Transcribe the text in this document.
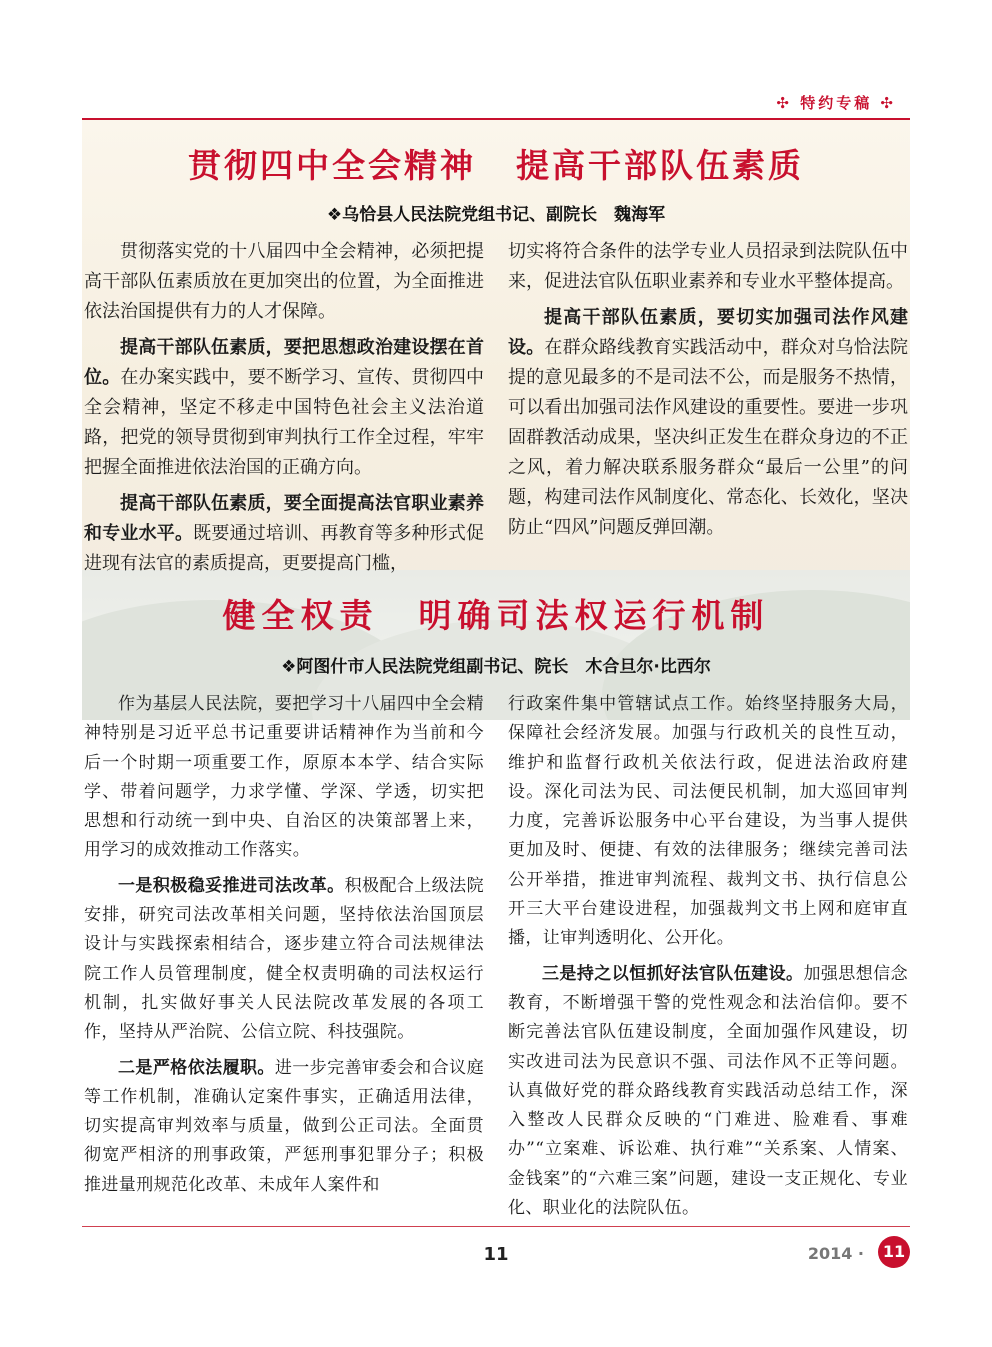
✣ 特约专稿 ✣
贯彻四中全会精神 提高干部队伍素质
❖乌恰县人民法院党组书记、副院长　魏海军

贯彻落实党的十八届四中全会精神，必须把提高干部队伍素质放在更加突出的位置，为全面推进依法治国提供有力的人才保障。

提高干部队伍素质，要把思想政治建设摆在首位。在办案实践中，要不断学习、宣传、贯彻四中全会精神，坚定不移走中国特色社会主义法治道路，把党的领导贯彻到审判执行工作全过程，牢牢把握全面推进依法治国的正确方向。

提高干部队伍素质，要全面提高法官职业素养和专业水平。既要通过培训、再教育等多种形式促进现有法官的素质提高，更要提高门槛，

切实将符合条件的法学专业人员招录到法院队伍中来，促进法官队伍职业素养和专业水平整体提高。

提高干部队伍素质，要切实加强司法作风建设。在群众路线教育实践活动中，群众对乌恰法院提的意见最多的不是司法不公，而是服务不热情，可以看出加强司法作风建设的重要性。要进一步巩固群教活动成果，坚决纠正发生在群众身边的不正之风，着力解决联系服务群众“最后一公里”的问题，构建司法作风制度化、常态化、长效化，坚决防止“四风”问题反弹回潮。

健全权责 明确司法权运行机制
❖阿图什市人民法院党组副书记、院长　木合旦尔·比西尔

作为基层人民法院，要把学习十八届四中全会精神特别是习近平总书记重要讲话精神作为当前和今后一个时期一项重要工作，原原本本学、结合实际学、带着问题学，力求学懂、学深、学透，切实把思想和行动统一到中央、自治区的决策部署上来，用学习的成效推动工作落实。

一是积极稳妥推进司法改革。积极配合上级法院安排，研究司法改革相关问题，坚持依法治国顶层设计与实践探索相结合，逐步建立符合司法规律法院工作人员管理制度，健全权责明确的司法权运行机制，扎实做好事关人民法院改革发展的各项工作，坚持从严治院、公信立院、科技强院。

二是严格依法履职。进一步完善审委会和合议庭等工作机制，准确认定案件事实，正确适用法律，切实提高审判效率与质量，做到公正司法。全面贯彻宽严相济的刑事政策，严惩刑事犯罪分子；积极推进量刑规范化改革、未成年人案件和

行政案件集中管辖试点工作。始终坚持服务大局，保障社会经济发展。加强与行政机关的良性互动，维护和监督行政机关依法行政，促进法治政府建设。深化司法为民、司法便民机制，加大巡回审判力度，完善诉讼服务中心平台建设，为当事人提供更加及时、便捷、有效的法律服务；继续完善司法公开举措，推进审判流程、裁判文书、执行信息公开三大平台建设进程，加强裁判文书上网和庭审直播，让审判透明化、公开化。

三是持之以恒抓好法官队伍建设。加强思想信念教育，不断增强干警的党性观念和法治信仰。要不断完善法官队伍建设制度，全面加强作风建设，切实改进司法为民意识不强、司法作风不正等问题。认真做好党的群众路线教育实践活动总结工作，深入整改人民群众反映的“门难进、脸难看、事难办”“立案难、诉讼难、执行难”“关系案、人情案、金钱案”的“六难三案”问题，建设一支正规化、专业化、职业化的法院队伍。

11	2014 ·	11
